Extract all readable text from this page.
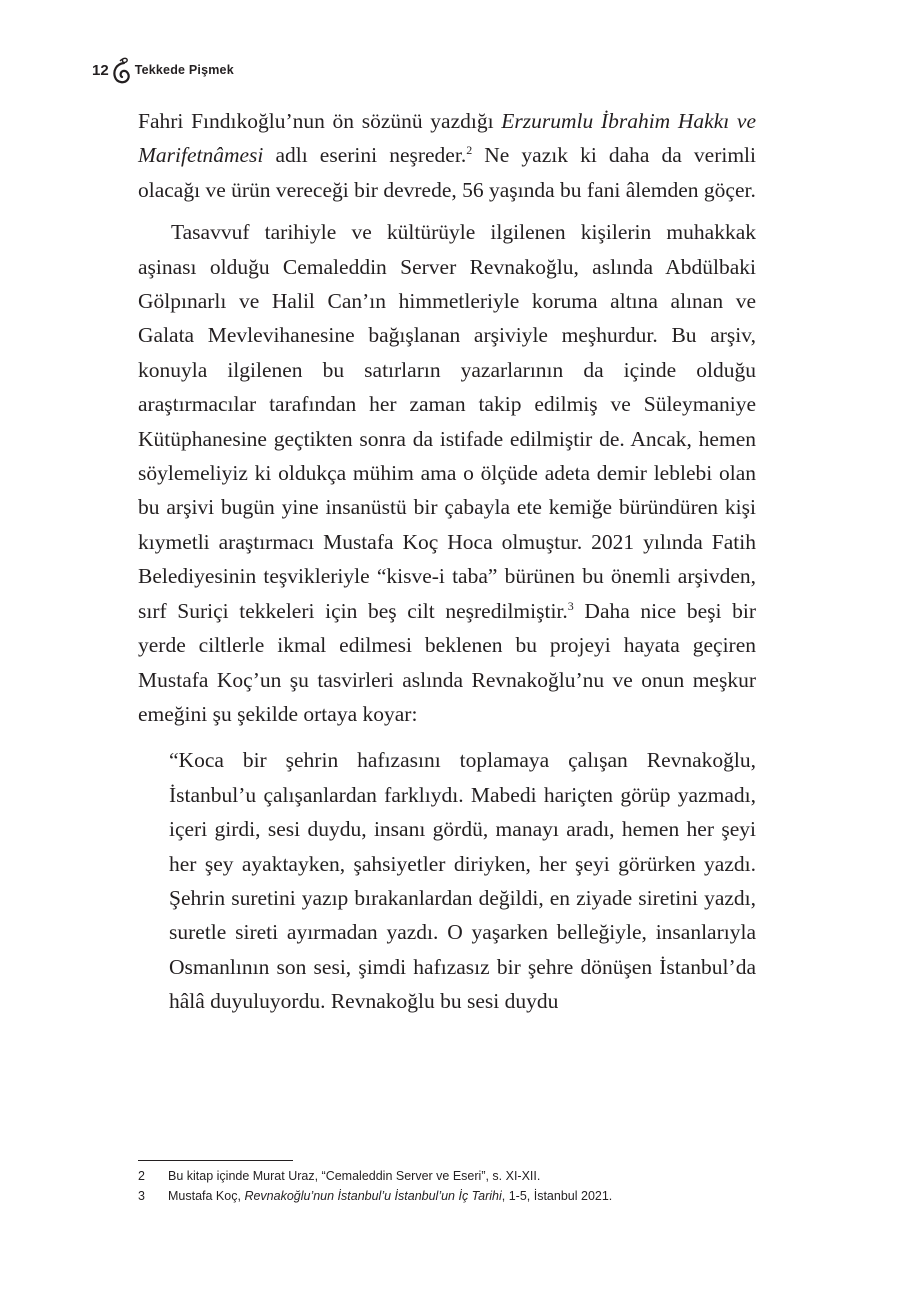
12 Tekkede Pişmek

Fahri Fındıkoğlu’nun ön sözünü yazdığı Erzurumlu İbrahim Hakkı ve Marifetnâmesi adlı eserini neşreder.$^2$ Ne yazık ki daha da verimli olacağı ve ürün vereceği bir devrede, 56 yaşında bu fani âlemden göçer.

Tasavvuf tarihiyle ve kültürüyle ilgilenen kişilerin muhakkak aşinası olduğu Cemaleddin Server Revnakoğlu, aslında Abdülbaki Gölpınarlı ve Halil Can’ın himmetleriyle koruma altına alınan ve Galata Mevlevihanesine bağışlanan arşiviyle meşhurdur. Bu arşiv, konuyla ilgilenen bu satırların yazarlarının da içinde olduğu araştırmacılar tarafından her zaman takip edilmiş ve Süleymaniye Kütüphanesine geçtikten sonra da istifade edilmiştir de. Ancak, hemen söylemeliyiz ki oldukça mühim ama o ölçüde adeta demir leblebi olan bu arşivi bugün yine insanüstü bir çabayla ete kemiğe büründüren kişi kıymetli araştırmacı Mustafa Koç Hoca olmuştur. 2021 yılında Fatih Belediyesinin teşvikleriyle “kisve-i taba” bürünen bu önemli arşivden, sırf Suriçi tekkeleri için beş cilt neşredilmiştir.$^3$ Daha nice beşi bir yerde ciltlerle ikmal edilmesi beklenen bu projeyi hayata geçiren Mustafa Koç’un şu tasvirleri aslında Revnakoğlu’nu ve onun meşkur emeğini şu şekilde ortaya koyar:

“Koca bir şehrin hafızasını toplamaya çalışan Revnakoğlu, İstanbul’u çalışanlardan farklıydı. Mabedi hariçten görüp yazmadı, içeri girdi, sesi duydu, insanı gördü, manayı aradı, hemen her şeyi her şey ayaktayken, şahsiyetler diriyken, her şeyi görürken yazdı. Şehrin suretini yazıp bırakanlardan değildi, en ziyade siretini yazdı, suretle sireti ayırmadan yazdı. O yaşarken belleğiyle, insanlarıyla Osmanlının son sesi, şimdi hafızasız bir şehre dönüşen İstanbul’da hâlâ duyuluyordu. Revnakoğlu bu sesi duydu

2	Bu kitap içinde Murat Uraz, “Cemaleddin Server ve Eseri”, s. XI-XII.
3	Mustafa Koç, Revnakoğlu’nun İstanbul’u İstanbul’un İç Tarihi, 1-5, İstanbul 2021.
